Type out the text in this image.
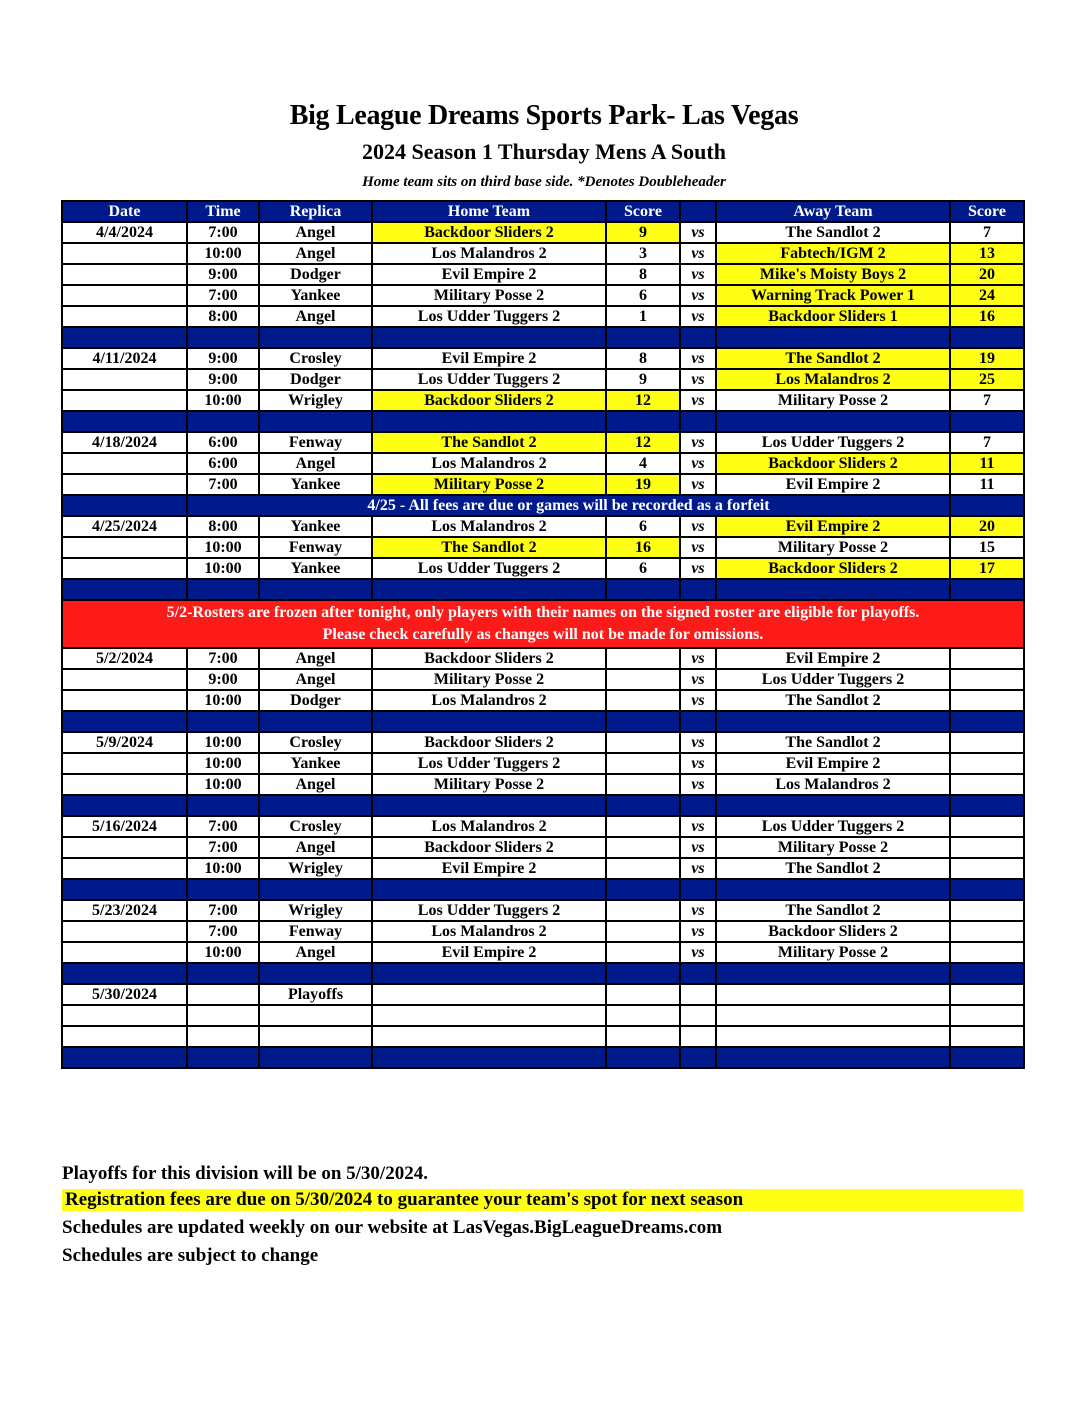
Big League Dreams Sports Park- Las Vegas
2024 Season 1 Thursday Mens A South
Home team sits on third base side. *Denotes Doubleheader
Date	Time	Replica	Home Team	Score		Away Team	Score
4/4/2024	7:00	Angel	Backdoor Sliders 2	9	vs	The Sandlot 2	7
	10:00	Angel	Los Malandros 2	3	vs	Fabtech/IGM 2	13
	9:00	Dodger	Evil Empire 2	8	vs	Mike's Moisty Boys 2	20
	7:00	Yankee	Military Posse 2	6	vs	Warning Track Power 1	24
	8:00	Angel	Los Udder Tuggers 2	1	vs	Backdoor Sliders 1	16

4/11/2024	9:00	Crosley	Evil Empire 2	8	vs	The Sandlot 2	19
	9:00	Dodger	Los Udder Tuggers 2	9	vs	Los Malandros 2	25
	10:00	Wrigley	Backdoor Sliders 2	12	vs	Military Posse 2	7

4/18/2024	6:00	Fenway	The Sandlot 2	12	vs	Los Udder Tuggers 2	7
	6:00	Angel	Los Malandros 2	4	vs	Backdoor Sliders 2	11
	7:00	Yankee	Military Posse 2	19	vs	Evil Empire 2	11
	4/25 - All fees are due or games will be recorded as a forfeit						
4/25/2024	8:00	Yankee	Los Malandros 2	6	vs	Evil Empire 2	20
	10:00	Fenway	The Sandlot 2	16	vs	Military Posse 2	15
	10:00	Yankee	Los Udder Tuggers 2	6	vs	Backdoor Sliders 2	17

5/2-Rosters are frozen after tonight, only players with their names on the signed roster are eligible for playoffs.
Please check carefully as changes will not be made for omissions.							

5/2/2024	7:00	Angel	Backdoor Sliders 2		vs	Evil Empire 2	
	9:00	Angel	Military Posse 2		vs	Los Udder Tuggers 2	
	10:00	Dodger	Los Malandros 2		vs	The Sandlot 2	

5/9/2024	10:00	Crosley	Backdoor Sliders 2		vs	The Sandlot 2	
	10:00	Yankee	Los Udder Tuggers 2		vs	Evil Empire 2	
	10:00	Angel	Military Posse 2		vs	Los Malandros 2	

5/16/2024	7:00	Crosley	Los Malandros 2		vs	Los Udder Tuggers 2	
	7:00	Angel	Backdoor Sliders 2		vs	Military Posse 2	
	10:00	Wrigley	Evil Empire 2		vs	The Sandlot 2	

5/23/2024	7:00	Wrigley	Los Udder Tuggers 2		vs	The Sandlot 2	
	7:00	Fenway	Los Malandros 2		vs	Backdoor Sliders 2	
	10:00	Angel	Evil Empire 2		vs	Military Posse 2	

5/30/2024		Playoffs					

Playoffs for this division will be on 5/30/2024.
Registration fees are due on 5/30/2024 to guarantee your team's spot for next season
Schedules are updated weekly on our website at LasVegas.BigLeagueDreams.com
Schedules are subject to change
